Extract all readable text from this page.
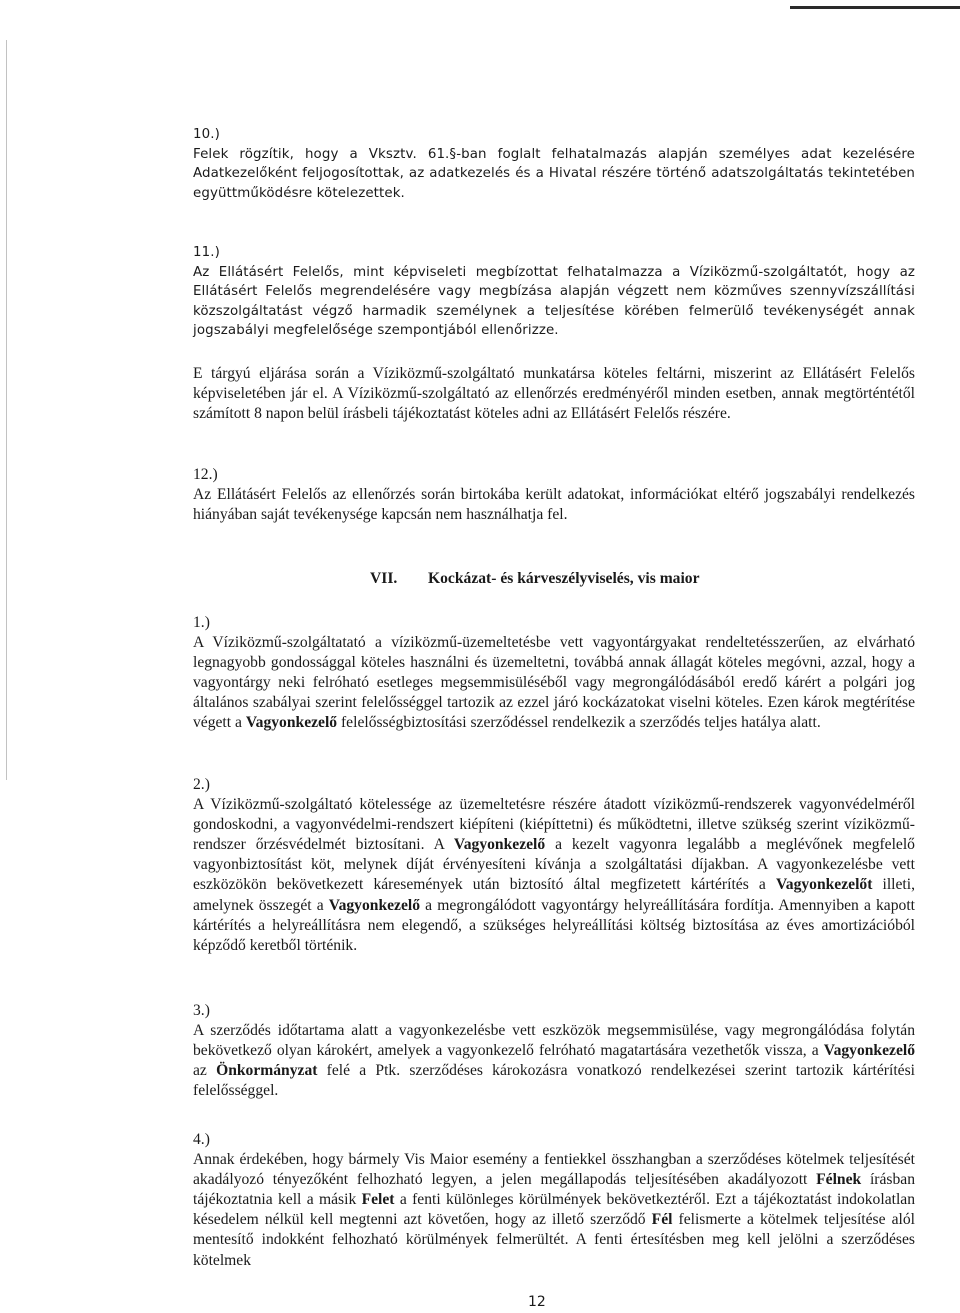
10.)
Felek rögzítik, hogy a Vksztv. 61.§-ban foglalt felhatalmazás alapján személyes adat kezelésére Adatkezelőként feljogosítottak, az adatkezelés és a Hivatal részére történő adatszolgáltatás tekintetében együttműködésre kötelezettek.
11.)
Az Ellátásért Felelős, mint képviseleti megbízottat felhatalmazza a Víziközmű-szolgáltatót, hogy az Ellátásért Felelős megrendelésére vagy megbízása alapján végzett nem közműves szennyvízszállítási közszolgáltatást végző harmadik személynek a teljesítése körében felmerülő tevékenységét annak jogszabályi megfelelősége szempontjából ellenőrizze.
E tárgyú eljárása során a Víziközmű-szolgáltató munkatársa köteles feltárni, miszerint az Ellátásért Felelős képviseletében jár el. A Víziközmű-szolgáltató az ellenőrzés eredményéről minden esetben, annak megtörténtétől számított 8 napon belül írásbeli tájékoztatást köteles adni az Ellátásért Felelős részére.
12.)
Az Ellátásért Felelős az ellenőrzés során birtokába került adatokat, információkat eltérő jogszabályi rendelkezés hiányában saját tevékenysége kapcsán nem használhatja fel.
VII. Kockázat- és kárveszélyviselés, vis maior
1.)
A Víziközmű-szolgáltatató a víziközmű-üzemeltetésbe vett vagyontárgyakat rendeltetésszerűen, az elvárható legnagyobb gondossággal köteles használni és üzemeltetni, továbbá annak állagát köteles megóvni, azzal, hogy a vagyontárgy neki felróható esetleges megsemmisüléséből vagy megrongálódásából eredő kárért a polgári jog általános szabályai szerint felelősséggel tartozik az ezzel járó kockázatokat viselni köteles. Ezen károk megtérítése végett a Vagyonkezelő felelősségbiztosítási szerződéssel rendelkezik a szerződés teljes hatálya alatt.
2.)
A Víziközmű-szolgáltató kötelessége az üzemeltetésre részére átadott víziközmű-rendszerek vagyonvédelméről gondoskodni, a vagyonvédelmi-rendszert kiépíteni (kiépíttetni) és működtetni, illetve szükség szerint víziközmű-rendszer őrzésvédelmét biztosítani. A Vagyonkezelő a kezelt vagyonra legalább a meglévőnek megfelelő vagyonbiztosítást köt, melynek díját érvényesíteni kívánja a szolgáltatási díjakban. A vagyonkezelésbe vett eszközökön bekövetkezett káresemények után biztosító által megfizetett kártérítés a Vagyonkezelőt illeti, amelynek összegét a Vagyonkezelő a megrongálódott vagyontárgy helyreállítására fordítja. Amennyiben a kapott kártérítés a helyreállításra nem elegendő, a szükséges helyreállítási költség biztosítása az éves amortizációból képződő keretből történik.
3.)
A szerződés időtartama alatt a vagyonkezelésbe vett eszközök megsemmisülése, vagy megrongálódása folytán bekövetkező olyan károkért, amelyek a vagyonkezelő felróható magatartására vezethetők vissza, a Vagyonkezelő az Önkormányzat felé a Ptk. szerződéses károkozásra vonatkozó rendelkezései szerint tartozik kártérítési felelősséggel.
4.)
Annak érdekében, hogy bármely Vis Maior esemény a fentiekkel összhangban a szerződéses kötelmek teljesítését akadályozó tényezőként felhozható legyen, a jelen megállapodás teljesítésében akadályozott Félnek írásban tájékoztatnia kell a másik Felet a fenti különleges körülmények bekövetkeztéről. Ezt a tájékoztatást indokolatlan késedelem nélkül kell megtenni azt követően, hogy az illető szerződő Fél felismerte a kötelmek teljesítése alól mentesítő indokként felhozható körülmények felmerültét. A fenti értesítésben meg kell jelölni a szerződéses kötelmek
12
